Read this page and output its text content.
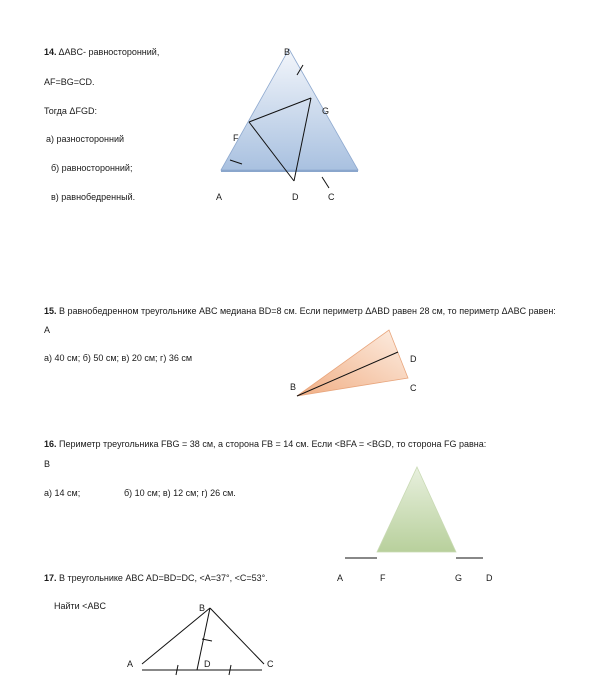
14. ΔABC- равносторонний,
AF=BG=CD.
Тогда ΔFGD:
а) разносторонний
б) равносторонний;
в) равнобедренный.
B
G
F
A	D	C
15. В равнобедренном треугольнике ABC медиана BD=8 см. Если периметр ΔABD равен 28 см, то периметр ΔABC равен:
A
а) 40 см; б) 50 см; в) 20 см; г) 36 см	D
B	C
16. Периметр треугольника FBG = 38 см, а сторона FB = 14 см. Если <BFA = <BGD, то сторона FG равна:
B
а) 14 см;	б) 10 см; в) 12 см; г) 26 см.
A	F	G	D
17. В треугольнике ABC AD=BD=DC, <A=37°, <C=53°.
Найти <ABC	B
A	D	C
